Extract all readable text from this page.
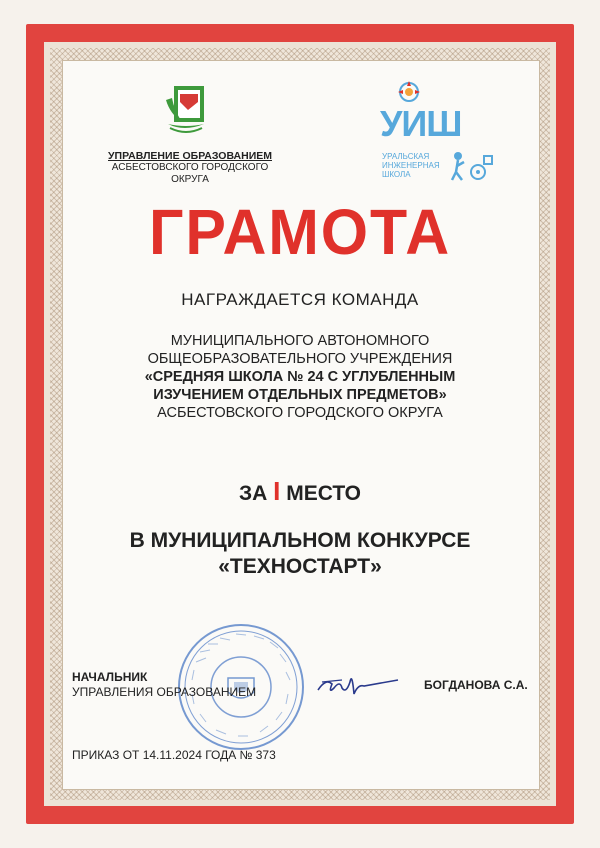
УПРАВЛЕНИЕ ОБРАЗОВАНИЕМ
АСБЕСТОВСКОГО ГОРОДСКОГО ОКРУГА
УИШ
УРАЛЬСКАЯ ИНЖЕНЕРНАЯ ШКОЛА
ГРАМОТА
НАГРАЖДАЕТСЯ КОМАНДА
МУНИЦИПАЛЬНОГО АВТОНОМНОГО
ОБЩЕОБРАЗОВАТЕЛЬНОГО УЧРЕЖДЕНИЯ
«СРЕДНЯЯ ШКОЛА № 24 С УГЛУБЛЕННЫМ
ИЗУЧЕНИЕМ ОТДЕЛЬНЫХ ПРЕДМЕТОВ»
АСБЕСТОВСКОГО ГОРОДСКОГО ОКРУГА
ЗА I МЕСТО
В МУНИЦИПАЛЬНОМ КОНКУРСЕ
«ТЕХНОСТАРТ»
НАЧАЛЬНИК
УПРАВЛЕНИЯ ОБРАЗОВАНИЕМ	БОГДАНОВА С.А.
ПРИКАЗ ОТ 14.11.2024 ГОДА № 373
